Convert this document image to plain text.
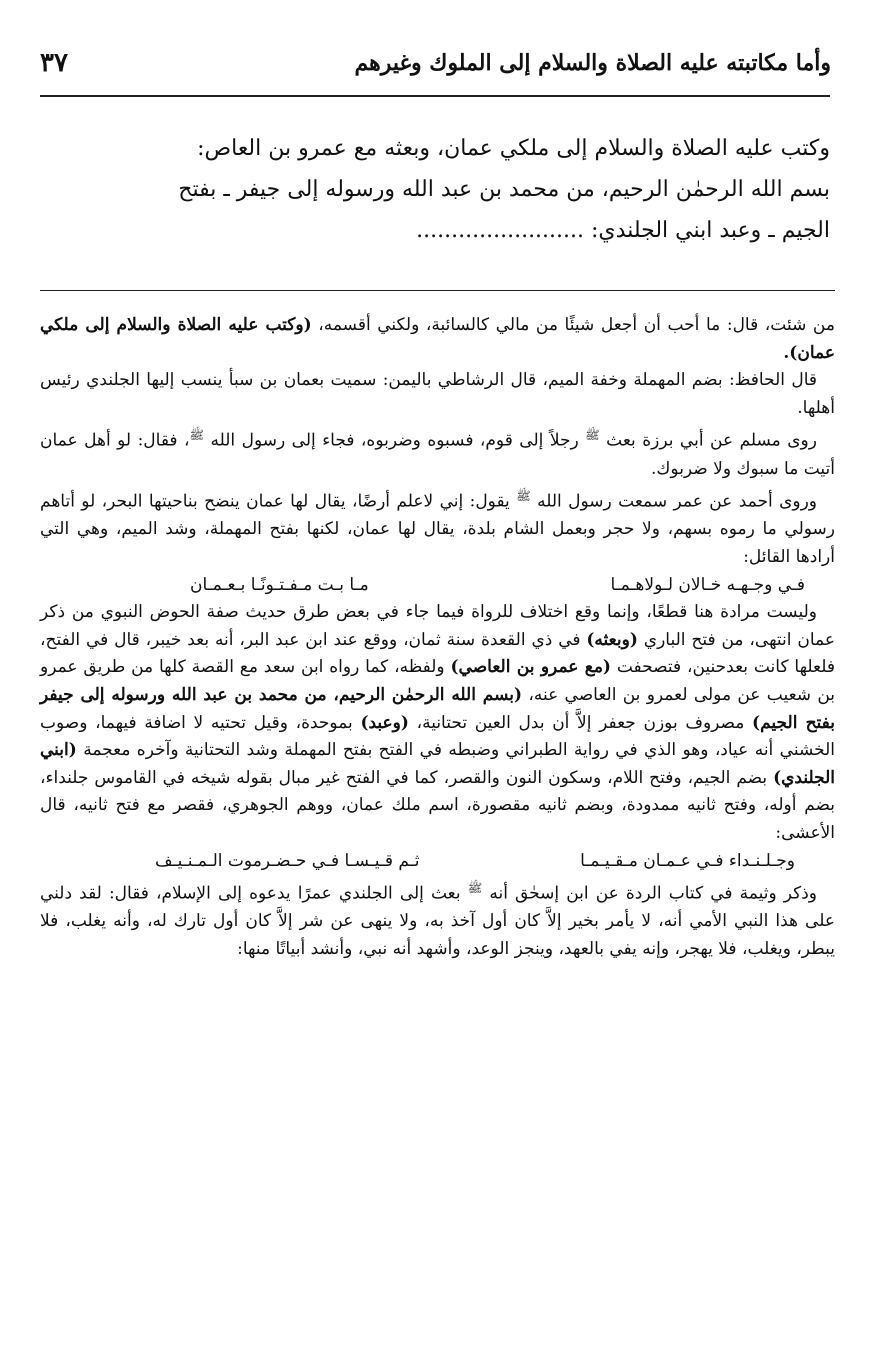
وأما مكاتبته عليه الصلاة والسلام إلى الملوك وغيرهم
٣٧

وكتب عليه الصلاة والسلام إلى ملكي عمان، وبعثه مع عمرو بن العاص:

بسم الله الرحمٰن الرحيم، من محمد بن عبد الله ورسوله إلى جيفر ـ بفتح

الجيم ـ وعبد ابني الجلندي: ........................

من شئت، قال: ما أحب أن أجعل شيئًا من مالي كالسائبة، ولكني أقسمه، (وكتب عليه الصلاة والسلام إلى ملكي عمان).

قال الحافظ: بضم المهملة وخفة الميم، قال الرشاطي باليمن: سميت بعمان بن سبأ ينسب إليها الجلندي رئيس أهلها.

روى مسلم عن أبي برزة بعث $^ﷺ$ رجلاً إلى قوم، فسبوه وضربوه، فجاء إلى رسول الله $^ﷺ$، فقال: لو أهل عمان أتيت ما سبوك ولا ضربوك.

وروى أحمد عن عمر سمعت رسول الله $^ﷺ$ يقول: إني لاعلم أرضًا، يقال لها عمان ينضح بناحيتها البحر، لو أتاهم رسولي ما رموه بسهم، ولا حجر وبعمل الشام بلدة، يقال لها عمان، لكنها بفتح المهملة، وشد الميم، وهي التي أرادها القائل:

فـي وجـهـه خـالان لـولاهـمـا
مـا بـت مـفـتـونًـا بـعـمـان

وليست مرادة هنا قطعًا، وإنما وقع اختلاف للرواة فيما جاء في بعض طرق حديث صفة الحوض النبوي من ذكر عمان انتهى، من فتح الباري (وبعثه) في ذي القعدة سنة ثمان، ووقع عند ابن عبد البر، أنه بعد خيبر، قال في الفتح، فلعلها كانت بعدحنين، فتصحفت (مع عمرو بن العاصي) ولفظه، كما رواه ابن سعد مع القصة كلها من طريق عمرو بن شعيب عن مولى لعمرو بن العاصي عنه، (بسم الله الرحمٰن الرحيم، من محمد بن عبد الله ورسوله إلى جيفر بفتح الجيم) مصروف بوزن جعفر إلاَّ أن بدل العين تحتانية، (وعبد) بموحدة، وقيل تحتيه لا اضافة فيهما، وصوب الخشني أنه عياد، وهو الذي في رواية الطبراني وضبطه في الفتح بفتح المهملة وشد التحتانية وآخره معجمة (ابني الجلندي) بضم الجيم، وفتح اللام، وسكون النون والقصر، كما في الفتح غير مبال بقوله شيخه في القاموس جلنداء، بضم أوله، وفتح ثانيه ممدودة، وبضم ثانيه مقصورة، اسم ملك عمان، ووهم الجوهري، فقصر مع فتح ثانيه، قال الأعشى:

وجـلـنـداء فـي عـمـان مـقـيـمـا
ثـم قـيـسـا فـي حـضـرموت الـمـنـيـف

وذكر وثيمة في كتاب الردة عن ابن إسحٰق أنه $^ﷺ$ بعث إلى الجلندي عمرًا يدعوه إلى الإسلام، فقال: لقد دلني على هذا النبي الأمي أنه، لا يأمر بخير إلاَّ كان أول آخذ به، ولا ينهى عن شر إلاَّ كان أول تارك له، وأنه يغلب، فلا يبطر، ويغلب، فلا يهجر، وإنه يفي بالعهد، وينجز الوعد، وأشهد أنه نبي، وأنشد أبياتًا منها:
